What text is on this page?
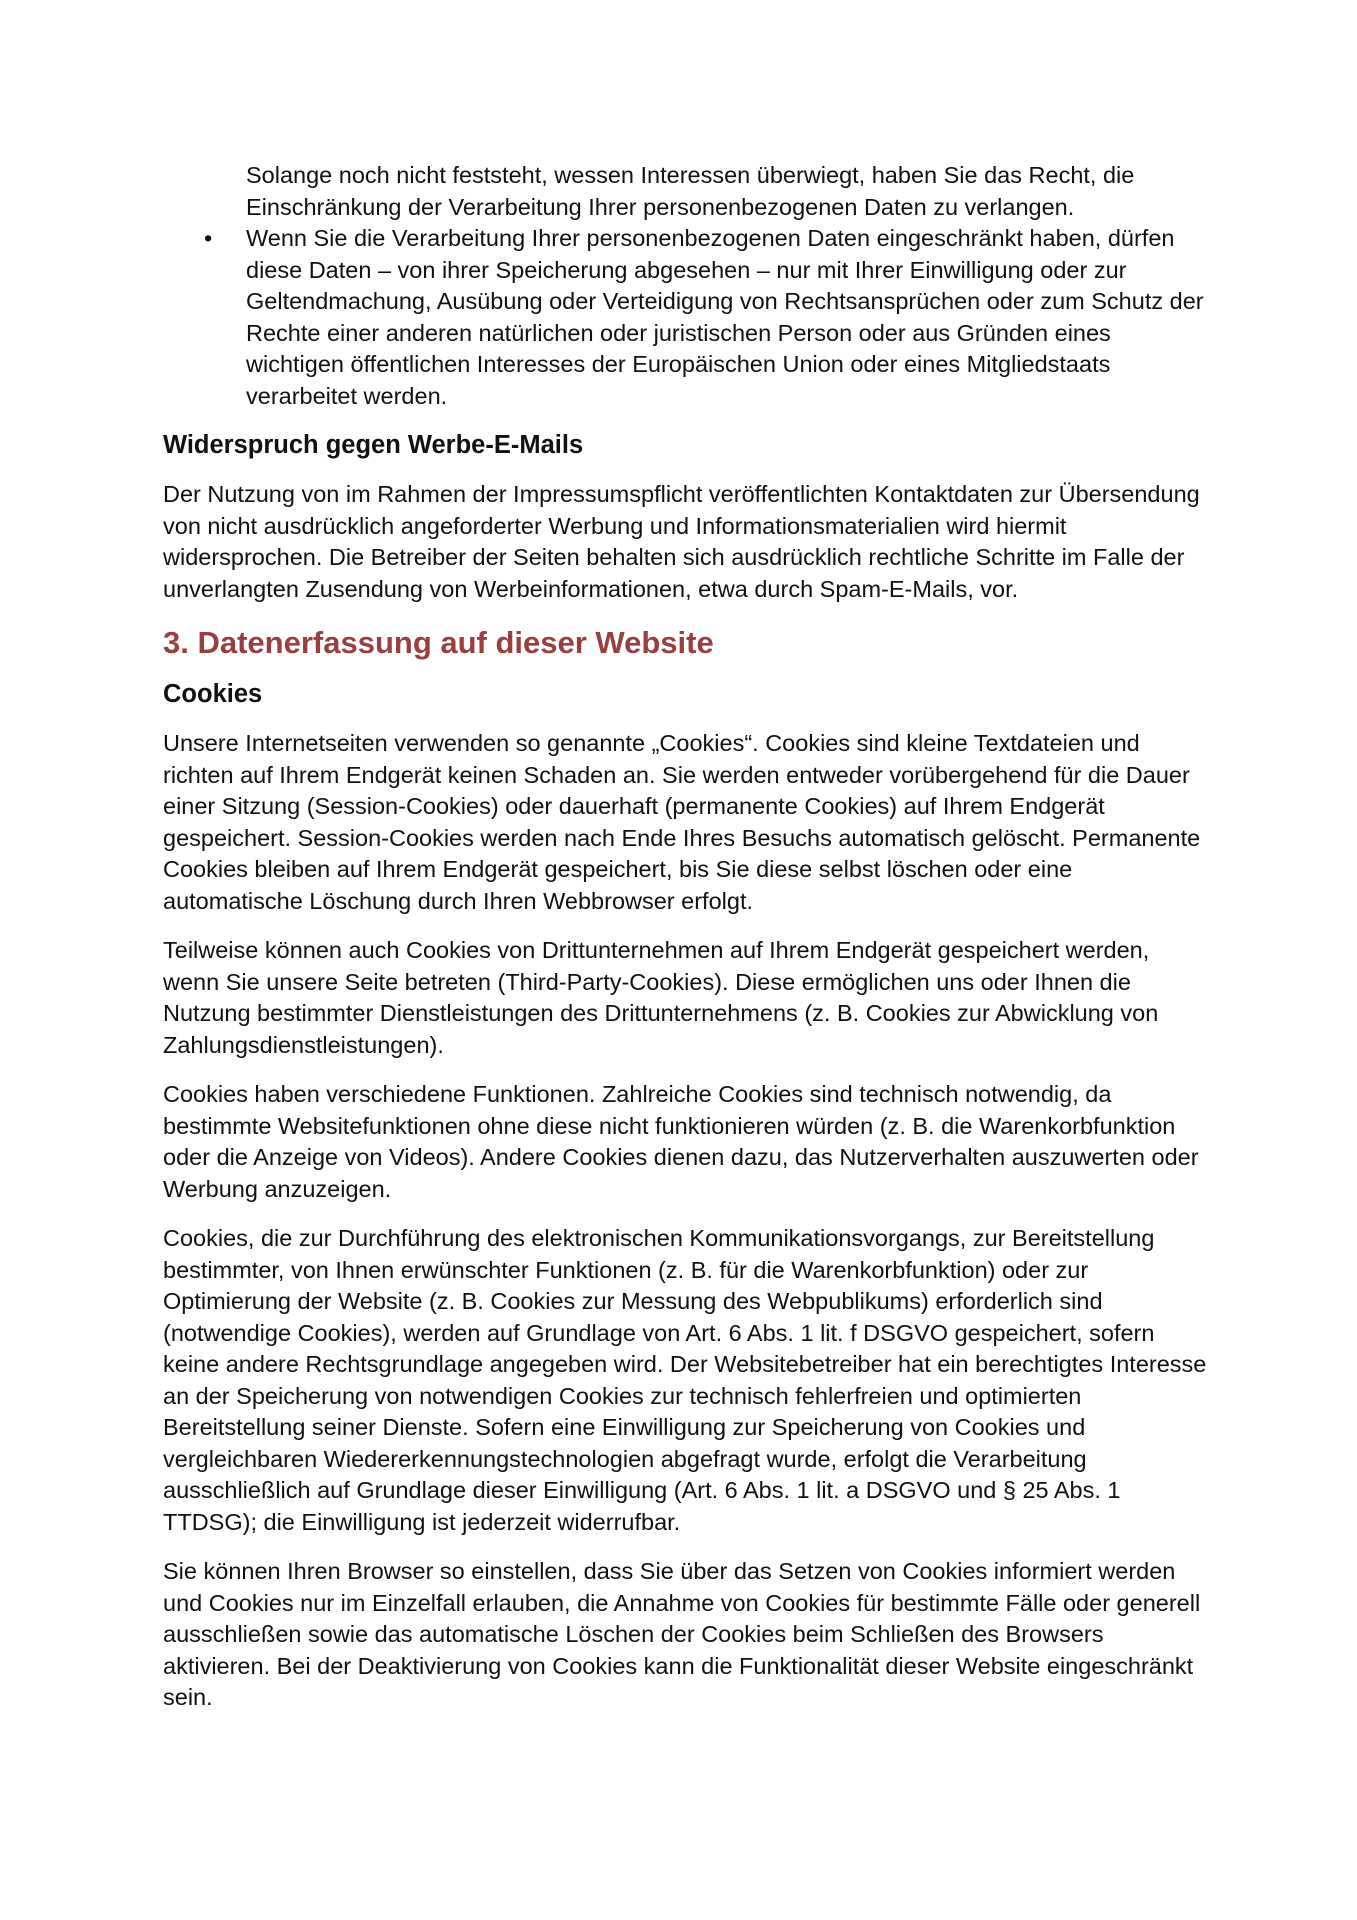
Solange noch nicht feststeht, wessen Interessen überwiegt, haben Sie das Recht, die Einschränkung der Verarbeitung Ihrer personenbezogenen Daten zu verlangen.

• Wenn Sie die Verarbeitung Ihrer personenbezogenen Daten eingeschränkt haben, dürfen diese Daten – von ihrer Speicherung abgesehen – nur mit Ihrer Einwilligung oder zur Geltendmachung, Ausübung oder Verteidigung von Rechtsansprüchen oder zum Schutz der Rechte einer anderen natürlichen oder juristischen Person oder aus Gründen eines wichtigen öffentlichen Interesses der Europäischen Union oder eines Mitgliedstaats verarbeitet werden.
Widerspruch gegen Werbe-E-Mails

Der Nutzung von im Rahmen der Impressumspflicht veröffentlichten Kontaktdaten zur Übersendung von nicht ausdrücklich angeforderter Werbung und Informationsmaterialien wird hiermit widersprochen. Die Betreiber der Seiten behalten sich ausdrücklich rechtliche Schritte im Falle der unverlangten Zusendung von Werbeinformationen, etwa durch Spam-E-Mails, vor.

3. Datenerfassung auf dieser Website
Cookies

Unsere Internetseiten verwenden so genannte „Cookies“. Cookies sind kleine Textdateien und richten auf Ihrem Endgerät keinen Schaden an. Sie werden entweder vorübergehend für die Dauer einer Sitzung (Session-Cookies) oder dauerhaft (permanente Cookies) auf Ihrem Endgerät gespeichert. Session-Cookies werden nach Ende Ihres Besuchs automatisch gelöscht. Permanente Cookies bleiben auf Ihrem Endgerät gespeichert, bis Sie diese selbst löschen oder eine automatische Löschung durch Ihren Webbrowser erfolgt.

Teilweise können auch Cookies von Drittunternehmen auf Ihrem Endgerät gespeichert werden, wenn Sie unsere Seite betreten (Third-Party-Cookies). Diese ermöglichen uns oder Ihnen die Nutzung bestimmter Dienstleistungen des Drittunternehmens (z. B. Cookies zur Abwicklung von Zahlungsdienstleistungen).

Cookies haben verschiedene Funktionen. Zahlreiche Cookies sind technisch notwendig, da bestimmte Websitefunktionen ohne diese nicht funktionieren würden (z. B. die Warenkorbfunktion oder die Anzeige von Videos). Andere Cookies dienen dazu, das Nutzerverhalten auszuwerten oder Werbung anzuzeigen.

Cookies, die zur Durchführung des elektronischen Kommunikationsvorgangs, zur Bereitstellung bestimmter, von Ihnen erwünschter Funktionen (z. B. für die Warenkorbfunktion) oder zur Optimierung der Website (z. B. Cookies zur Messung des Webpublikums) erforderlich sind (notwendige Cookies), werden auf Grundlage von Art. 6 Abs. 1 lit. f DSGVO gespeichert, sofern keine andere Rechtsgrundlage angegeben wird. Der Websitebetreiber hat ein berechtigtes Interesse an der Speicherung von notwendigen Cookies zur technisch fehlerfreien und optimierten Bereitstellung seiner Dienste. Sofern eine Einwilligung zur Speicherung von Cookies und vergleichbaren Wiedererkennungstechnologien abgefragt wurde, erfolgt die Verarbeitung ausschließlich auf Grundlage dieser Einwilligung (Art. 6 Abs. 1 lit. a DSGVO und § 25 Abs. 1 TTDSG); die Einwilligung ist jederzeit widerrufbar.

Sie können Ihren Browser so einstellen, dass Sie über das Setzen von Cookies informiert werden und Cookies nur im Einzelfall erlauben, die Annahme von Cookies für bestimmte Fälle oder generell ausschließen sowie das automatische Löschen der Cookies beim Schließen des Browsers aktivieren. Bei der Deaktivierung von Cookies kann die Funktionalität dieser Website eingeschränkt sein.
